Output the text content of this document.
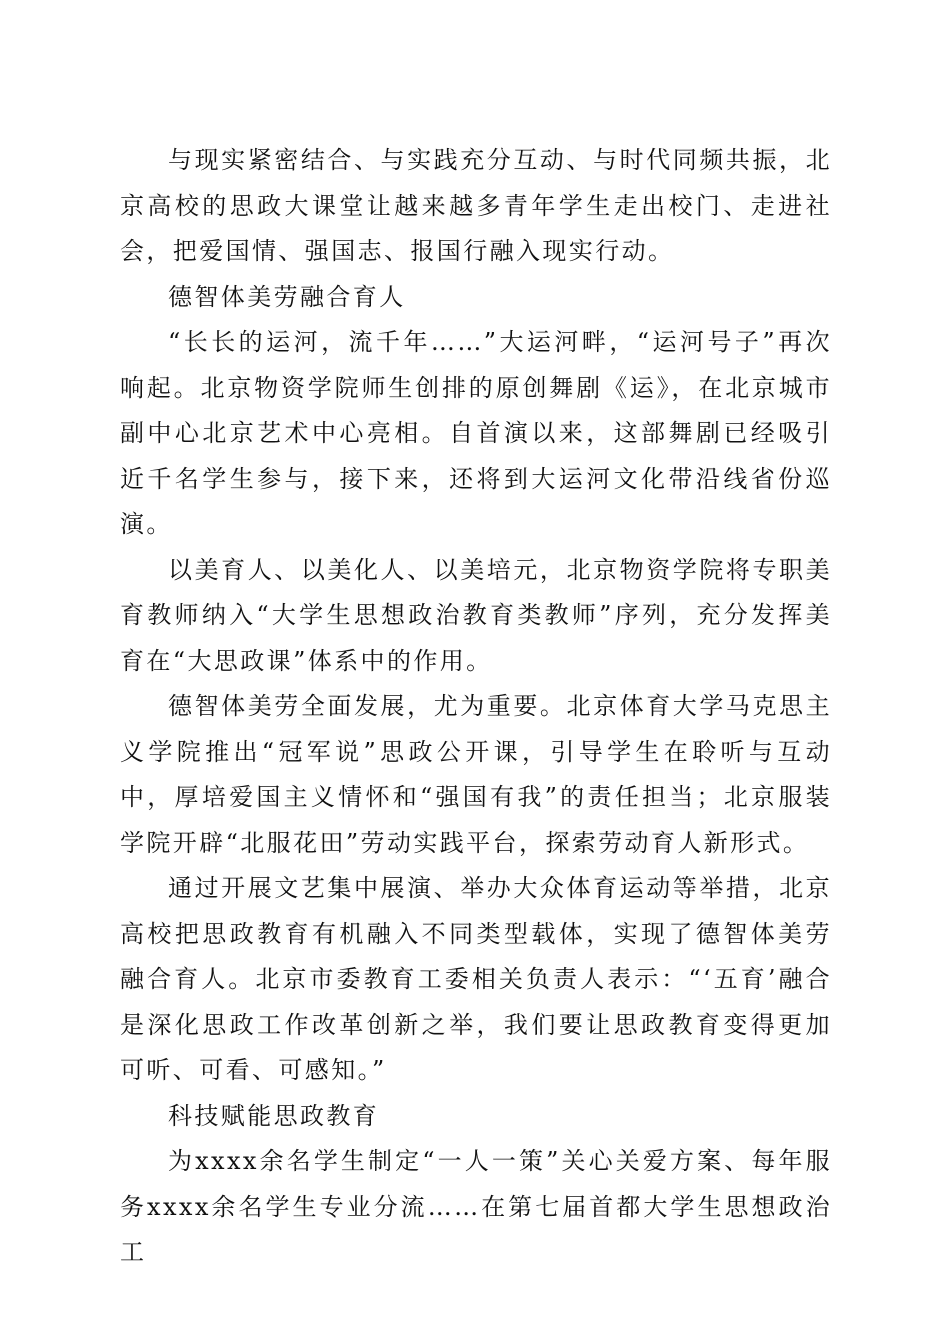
与现实紧密结合、与实践充分互动、与时代同频共振，北京高校的思政大课堂让越来越多青年学生走出校门、走进社会，把爱国情、强国志、报国行融入现实行动。

德智体美劳融合育人

“长长的运河，流千年……”大运河畔，“运河号子”再次响起。北京物资学院师生创排的原创舞剧《运》，在北京城市副中心北京艺术中心亮相。自首演以来，这部舞剧已经吸引近千名学生参与，接下来，还将到大运河文化带沿线省份巡演。

以美育人、以美化人、以美培元，北京物资学院将专职美育教师纳入“大学生思想政治教育类教师”序列，充分发挥美育在“大思政课”体系中的作用。

德智体美劳全面发展，尤为重要。北京体育大学马克思主义学院推出“冠军说”思政公开课，引导学生在聆听与互动中，厚培爱国主义情怀和“强国有我”的责任担当；北京服装学院开辟“北服花田”劳动实践平台，探索劳动育人新形式。

通过开展文艺集中展演、举办大众体育运动等举措，北京高校把思政教育有机融入不同类型载体，实现了德智体美劳融合育人。北京市委教育工委相关负责人表示：“‘五育’融合是深化思政工作改革创新之举，我们要让思政教育变得更加可听、可看、可感知。”

科技赋能思政教育

为xxxx余名学生制定“一人一策”关心关爱方案、每年服务xxxx余名学生专业分流……在第七届首都大学生思想政治工
